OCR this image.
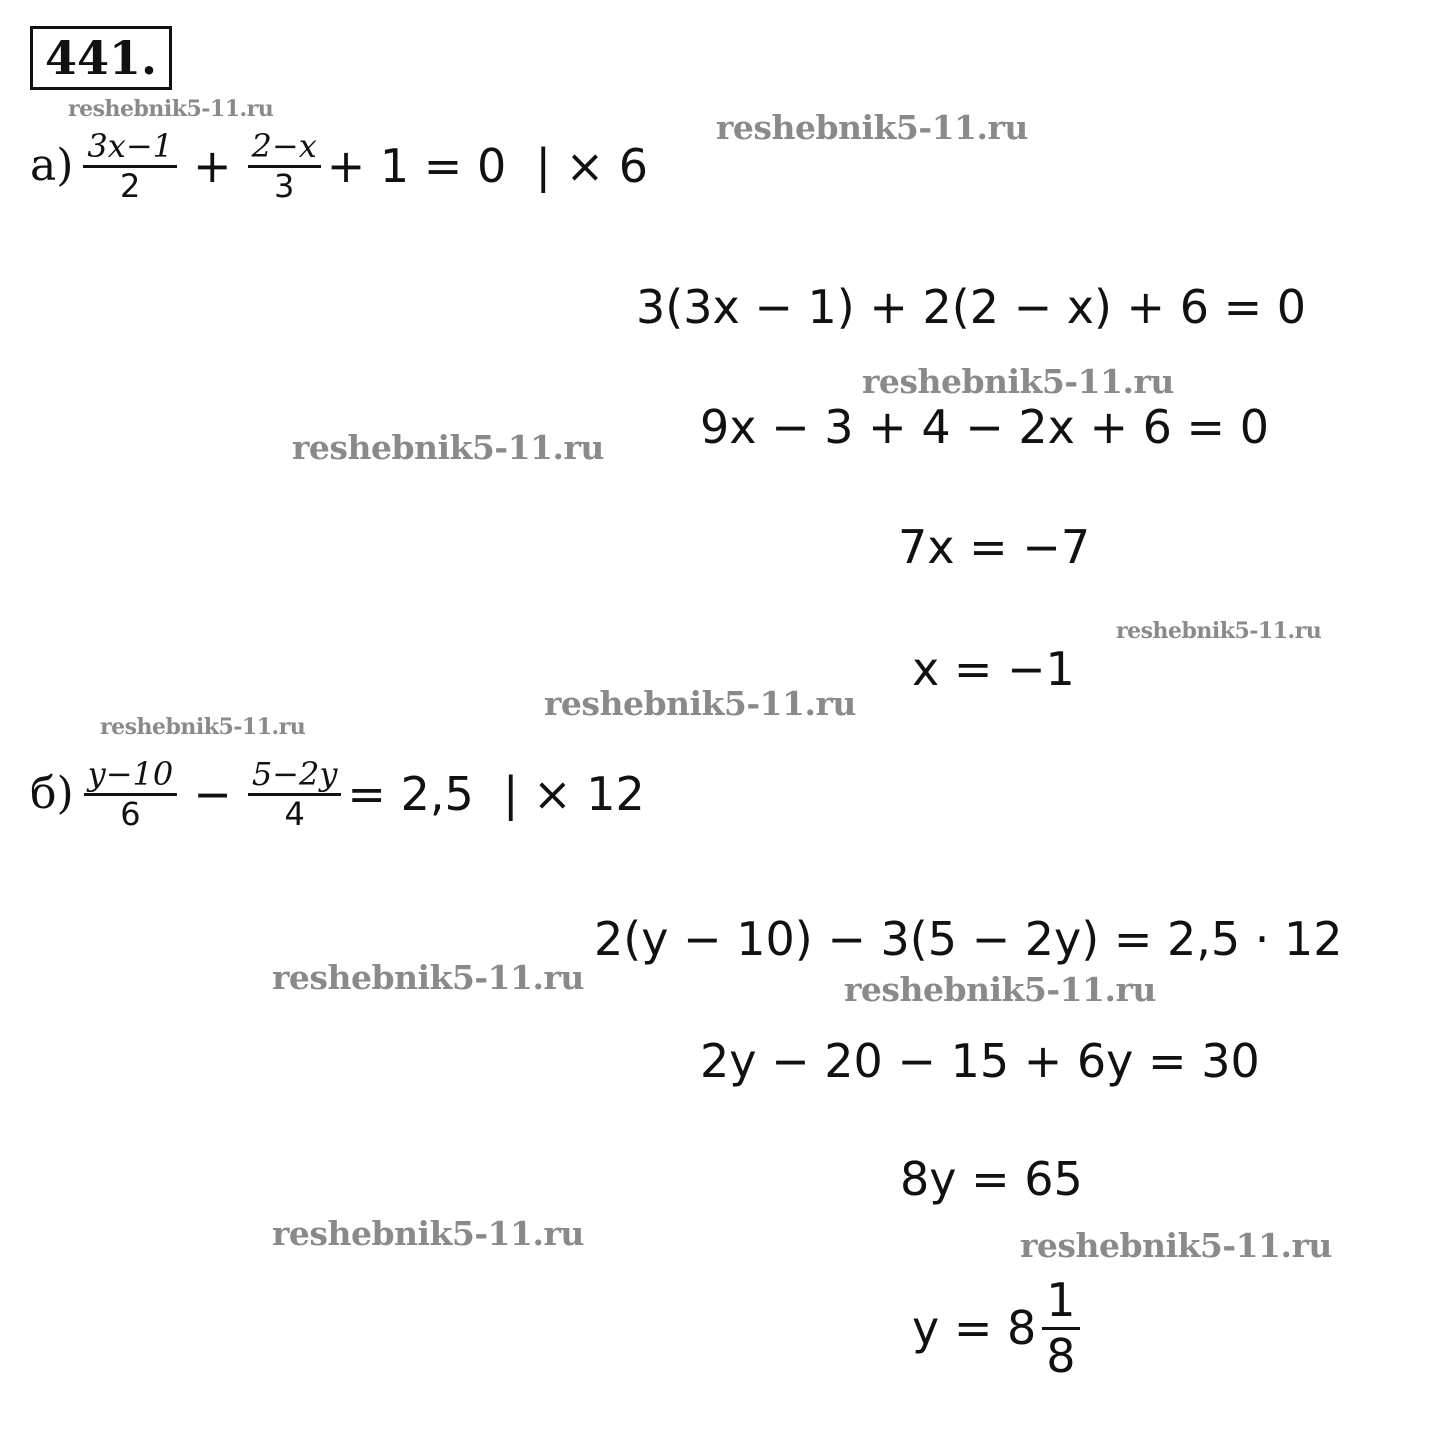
441.
reshebnik5-11.ru	reshebnik5-11.ru
reshebnik5-11.ru
reshebnik5-11.ru
reshebnik5-11.ru
reshebnik5-11.ru
reshebnik5-11.ru
reshebnik5-11.ru	reshebnik5-11.ru
reshebnik5-11.ru	reshebnik5-11.ru
$а) \frac{3x-1}{2} + \frac{2-x}{3} + 1 = 0$  | × 6
3(3x − 1) + 2(2 − x) + 6 = 0
9x − 3 + 4 − 2x + 6 = 0
7x = −7
x = −1
$б) \frac{y-10}{6} - \frac{5-2y}{4} = 2,5$  | × 12
2(y − 10) − 3(5 − 2y) = 2,5 · 12
2y − 20 − 15 + 6y = 30
8y = 65
$y = 8 \frac{1}{8}$
